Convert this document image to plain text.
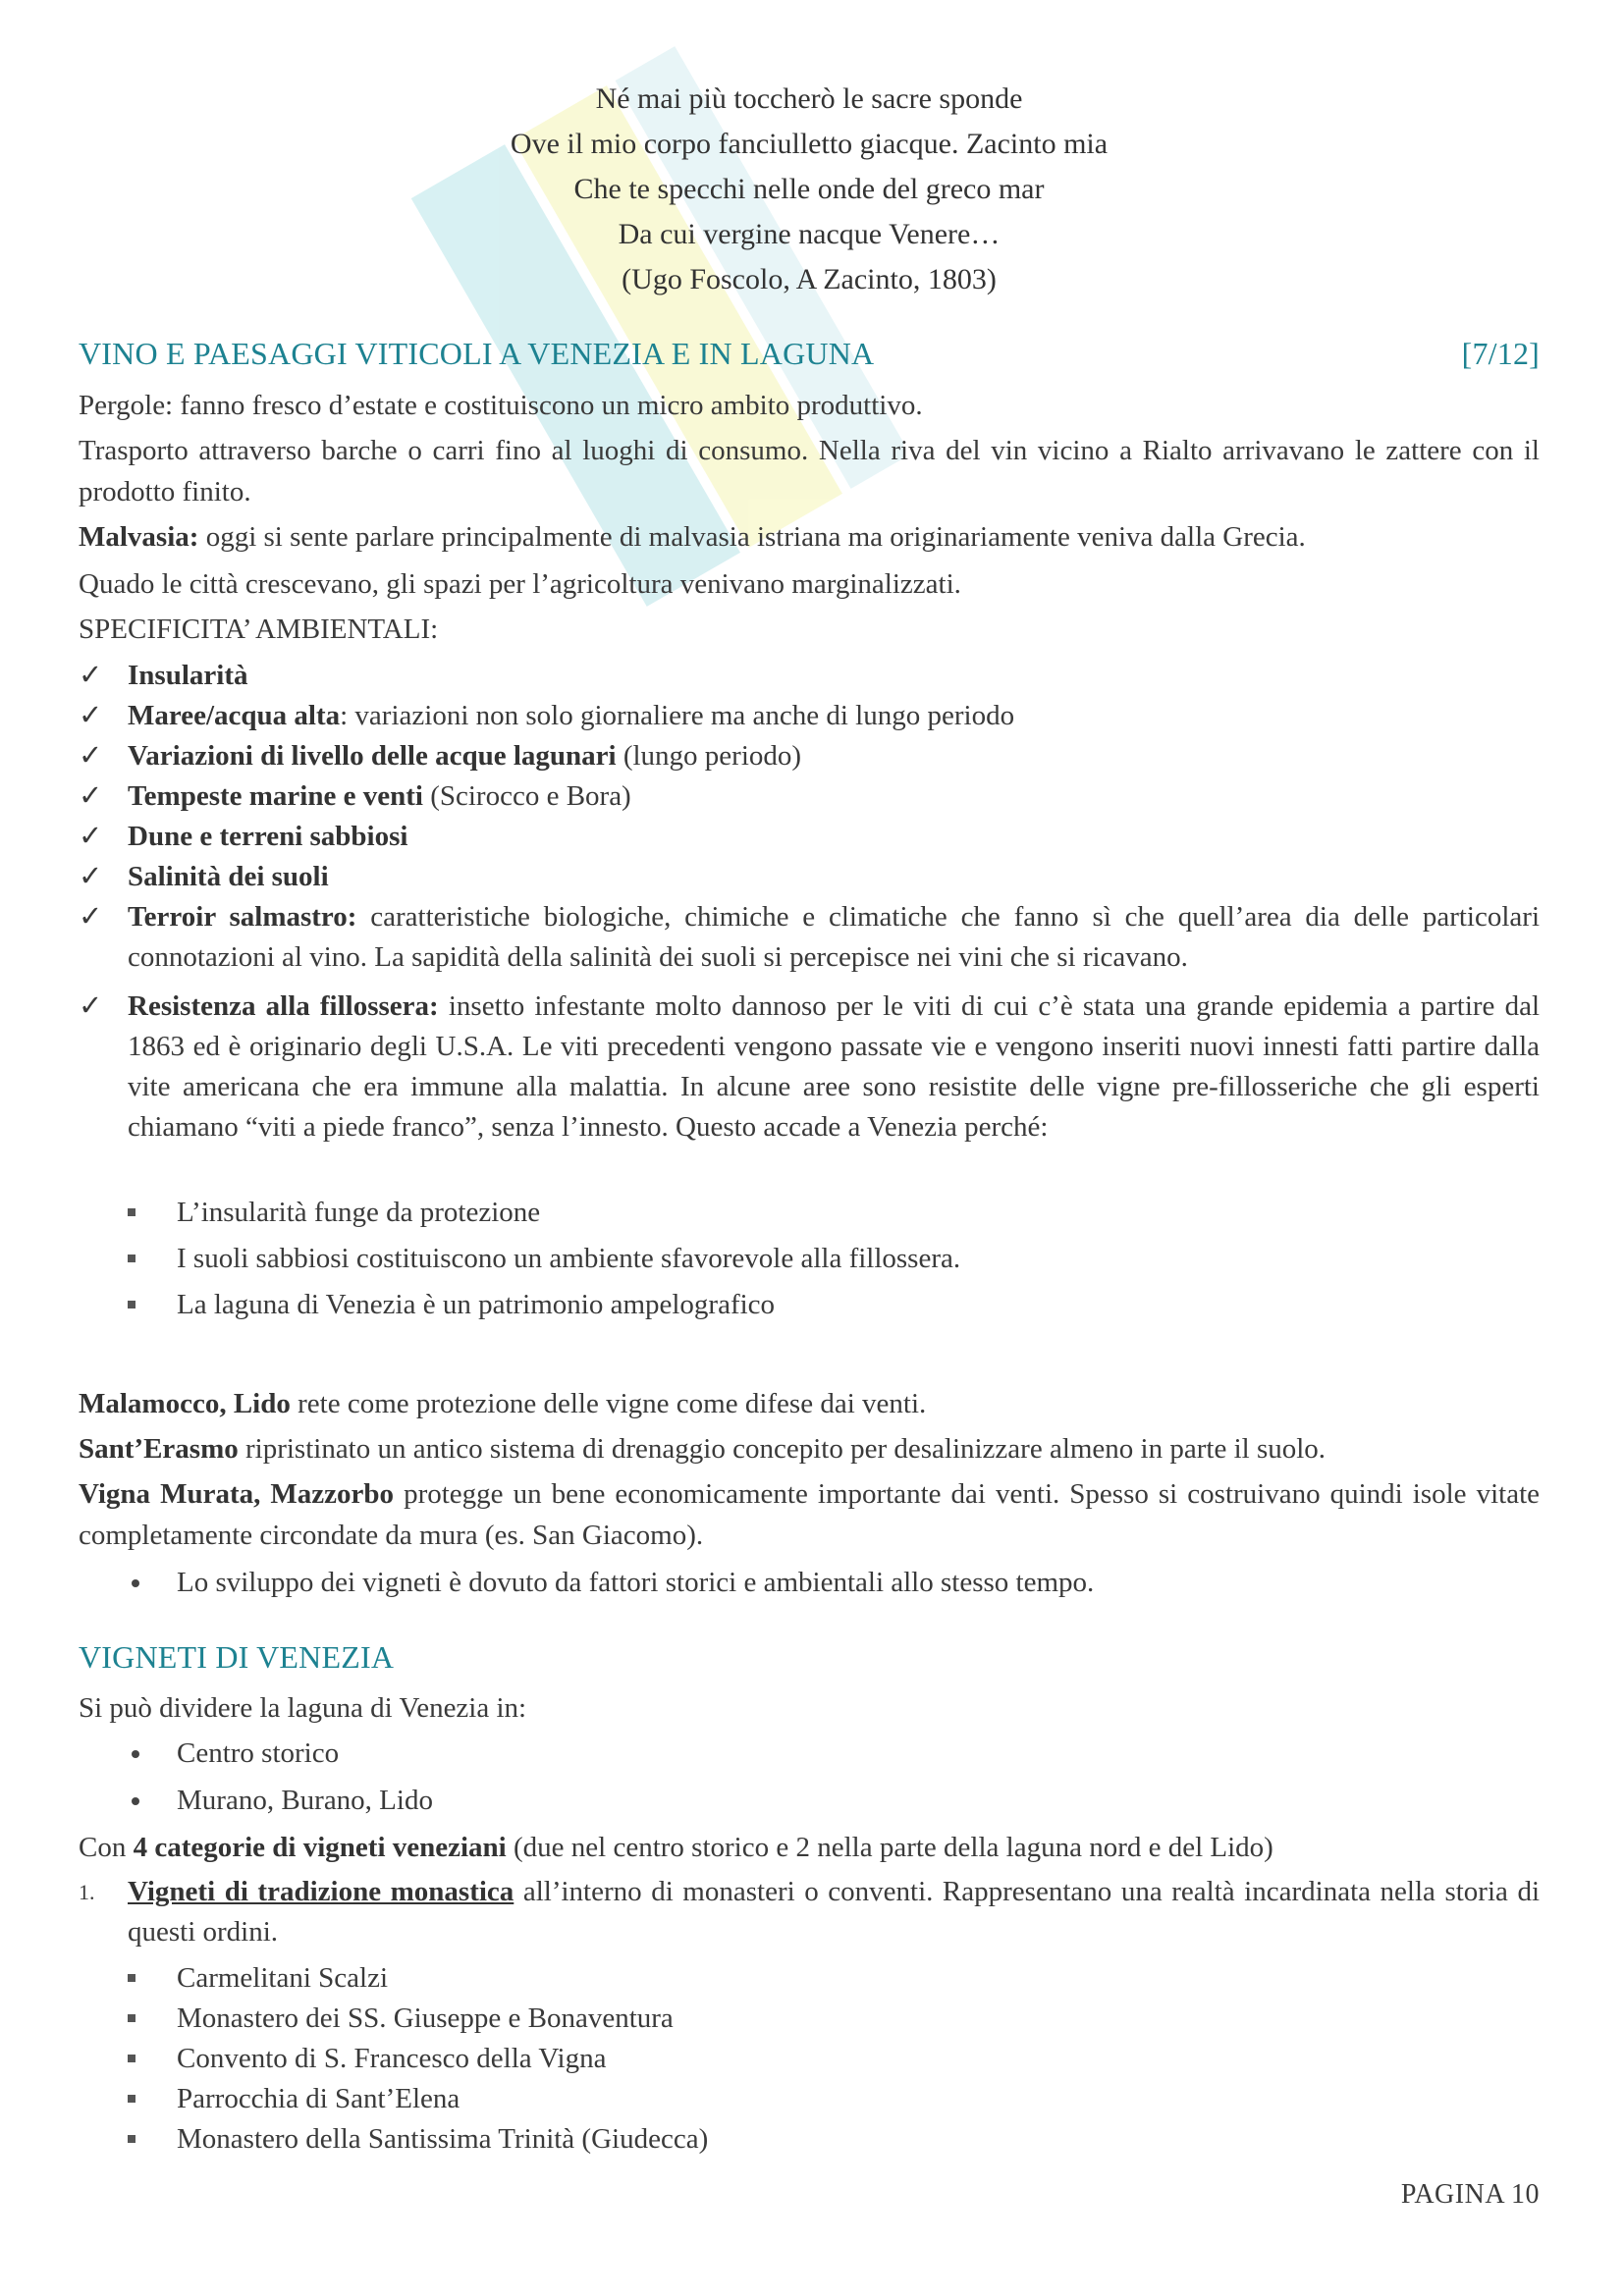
Né mai più toccherò le sacre sponde
Ove il mio corpo fanciulletto giacque. Zacinto mia
Che te specchi nelle onde del greco mar
Da cui vergine nacque Venere…
(Ugo Foscolo, A Zacinto, 1803)
VINO E PAESAGGI VITICOLI A VENEZIA E IN LAGUNA	[7/12]
Pergole: fanno fresco d’estate e costituiscono un micro ambito produttivo.
Trasporto attraverso barche o carri fino al luoghi di consumo. Nella riva del vin vicino a Rialto arrivavano le zattere con il prodotto finito.
Malvasia: oggi si sente parlare principalmente di malvasia istriana ma originariamente veniva dalla Grecia.
Quado le città crescevano, gli spazi per l’agricoltura venivano marginalizzati.
SPECIFICITA’ AMBIENTALI:
✓ Insularità
✓ Maree/acqua alta: variazioni non solo giornaliere ma anche di lungo periodo
✓ Variazioni di livello delle acque lagunari (lungo periodo)
✓ Tempeste marine e venti (Scirocco e Bora)
✓ Dune e terreni sabbiosi
✓ Salinità dei suoli
✓ Terroir salmastro: caratteristiche biologiche, chimiche e climatiche che fanno sì che quell’area dia delle particolari connotazioni al vino. La sapidità della salinità dei suoli si percepisce nei vini che si ricavano.
✓ Resistenza alla fillossera: insetto infestante molto dannoso per le viti di cui c’è stata una grande epidemia a partire dal 1863 ed è originario degli U.S.A. Le viti precedenti vengono passate vie e vengono inseriti nuovi innesti fatti partire dalla vite americana che era immune alla malattia. In alcune aree sono resistite delle vigne pre-fillosseriche che gli esperti chiamano “viti a piede franco”, senza l’innesto. Questo accade a Venezia perché:
L’insularità funge da protezione
I suoli sabbiosi costituiscono un ambiente sfavorevole alla fillossera.
La laguna di Venezia è un patrimonio ampelografico
Malamocco, Lido rete come protezione delle vigne come difese dai venti.
Sant’Erasmo ripristinato un antico sistema di drenaggio concepito per desalinizzare almeno in parte il suolo.
Vigna Murata, Mazzorbo protegge un bene economicamente importante dai venti. Spesso si costruivano quindi isole vitate completamente circondate da mura (es. San Giacomo).
Lo sviluppo dei vigneti è dovuto da fattori storici e ambientali allo stesso tempo.
VIGNETI DI VENEZIA
Si può dividere la laguna di Venezia in:
Centro storico
Murano, Burano, Lido
Con 4 categorie di vigneti veneziani (due nel centro storico e 2 nella parte della laguna nord e del Lido)
1. Vigneti di tradizione monastica all’interno di monasteri o conventi. Rappresentano una realtà incardinata nella storia di questi ordini.
Carmelitani Scalzi
Monastero dei SS. Giuseppe e Bonaventura
Convento di S. Francesco della Vigna
Parrocchia di Sant’Elena
Monastero della Santissima Trinità (Giudecca)
PAGINA 10
